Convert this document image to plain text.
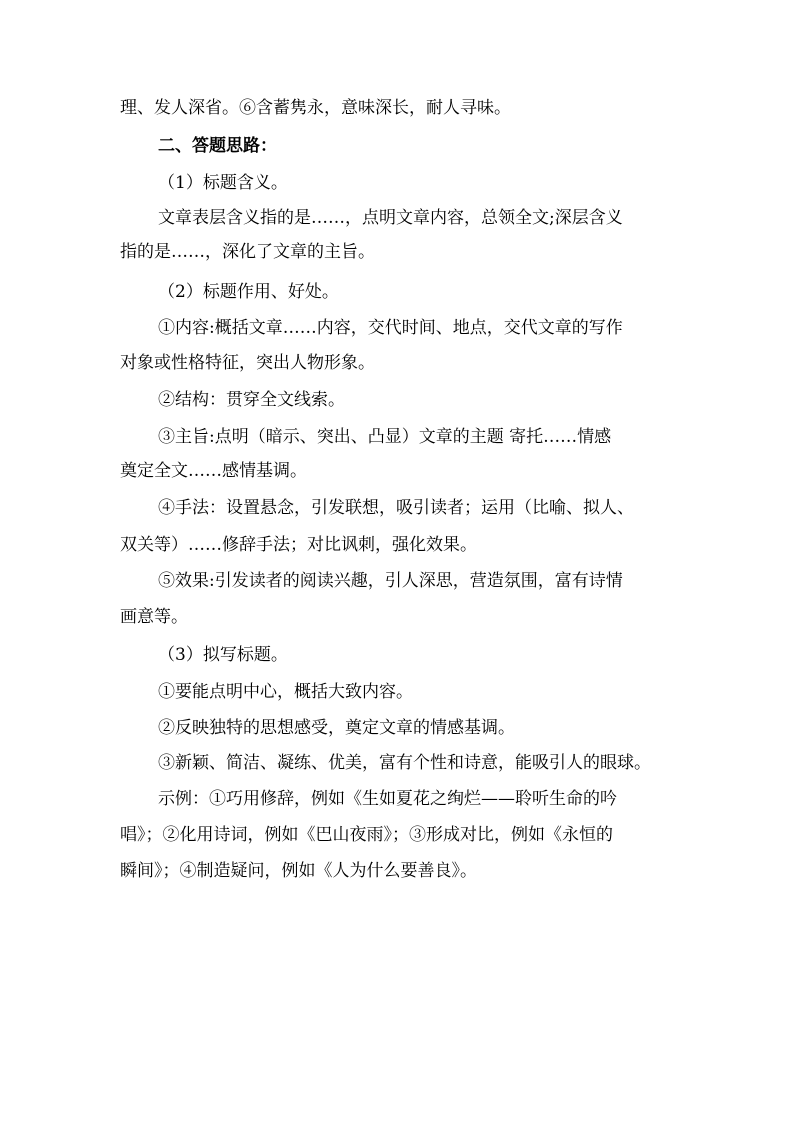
理、发人深省。⑥含蓄隽永，意味深长，耐人寻味。
二、答题思路：
（1）标题含义。
文章表层含义指的是……，点明文章内容，总领全文;深层含义
指的是……，深化了文章的主旨。
（2）标题作用、好处。
①内容:概括文章……内容，交代时间、地点，交代文章的写作
对象或性格特征，突出人物形象。
②结构：贯穿全文线索。
③主旨:点明（暗示、突出、凸显）文章的主题 寄托……情感
奠定全文……感情基调。
④手法：设置悬念，引发联想，吸引读者；运用（比喻、拟人、
双关等）……修辞手法；对比讽刺，强化效果。
⑤效果:引发读者的阅读兴趣，引人深思，营造氛围，富有诗情
画意等。
（3）拟写标题。
①要能点明中心，概括大致内容。
②反映独特的思想感受，奠定文章的情感基调。
③新颖、简洁、凝练、优美，富有个性和诗意，能吸引人的眼球。
示例：①巧用修辞，例如《生如夏花之绚烂——聆听生命的吟
唱》；②化用诗词，例如《巴山夜雨》；③形成对比，例如《永恒的
瞬间》；④制造疑问，例如《人为什么要善良》。
